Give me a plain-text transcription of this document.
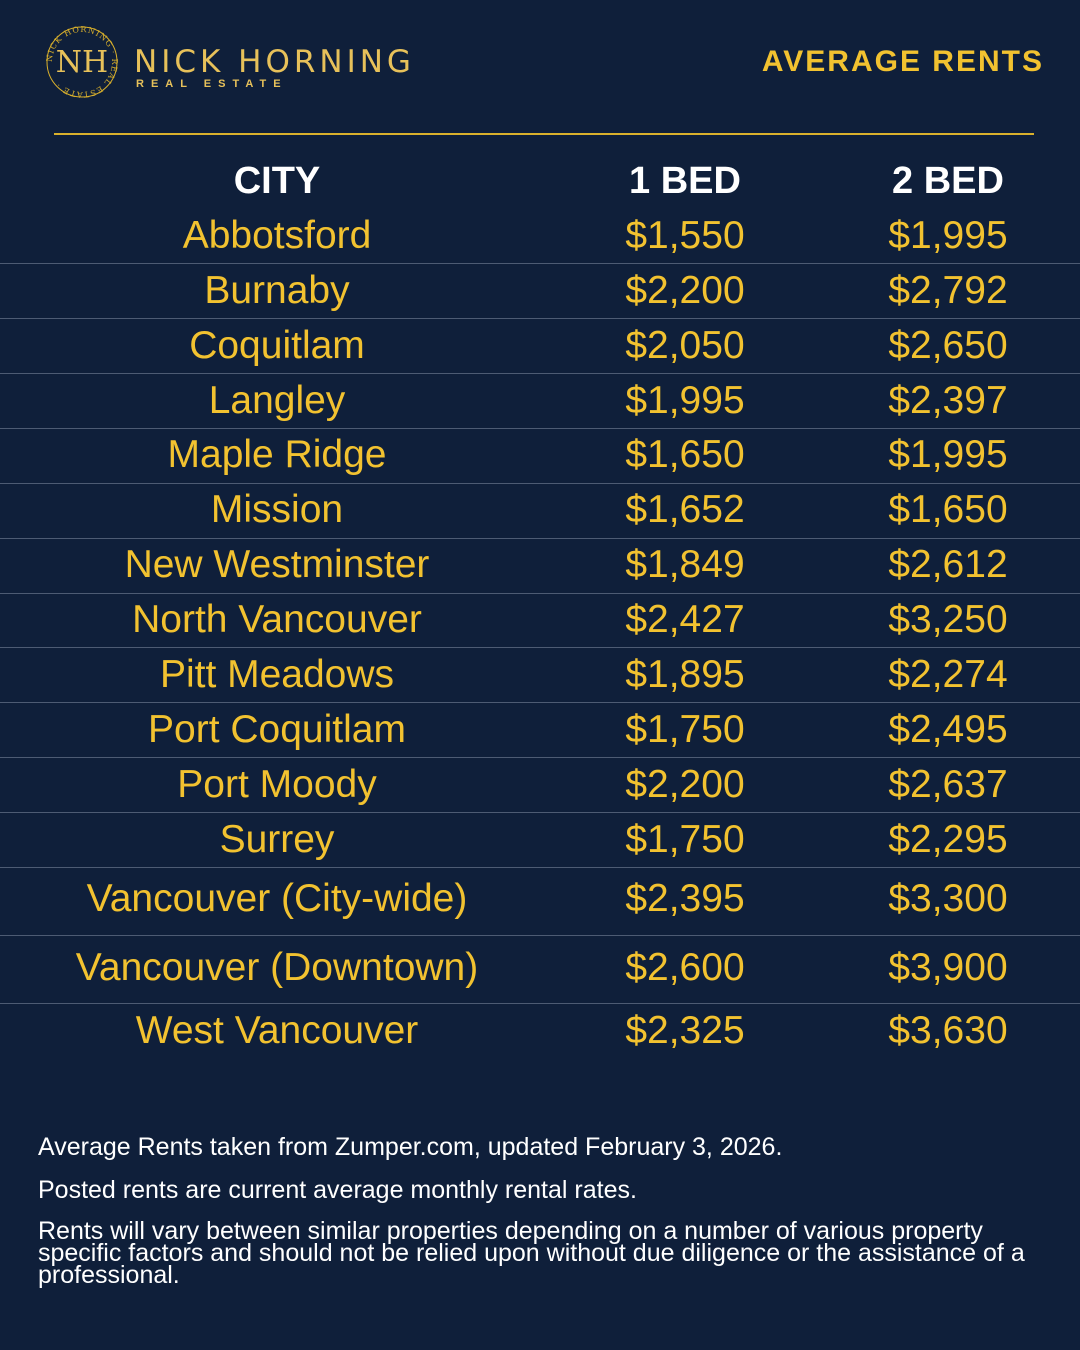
NICK HORNING · REAL ESTATE ·
NH NICK HORNING
REAL ESTATE
AVERAGE RENTS
CITY	1 BED	2 BED
Abbotsford	$1,550	$1,995
Burnaby	$2,200	$2,792
Coquitlam	$2,050	$2,650
Langley	$1,995	$2,397
Maple Ridge	$1,650	$1,995
Mission	$1,652	$1,650
New Westminster	$1,849	$2,612
North Vancouver	$2,427	$3,250
Pitt Meadows	$1,895	$2,274
Port Coquitlam	$1,750	$2,495
Port Moody	$2,200	$2,637
Surrey	$1,750	$2,295
Vancouver (City-wide)	$2,395	$3,300
Vancouver (Downtown)	$2,600	$3,900
West Vancouver	$2,325	$3,630
Average Rents taken from Zumper.com, updated February 3, 2026.
Posted rents are current average monthly rental rates.
Rents will vary between similar properties depending on a number of various property specific factors and should not be relied upon without due diligence or the assistance of a professional.
